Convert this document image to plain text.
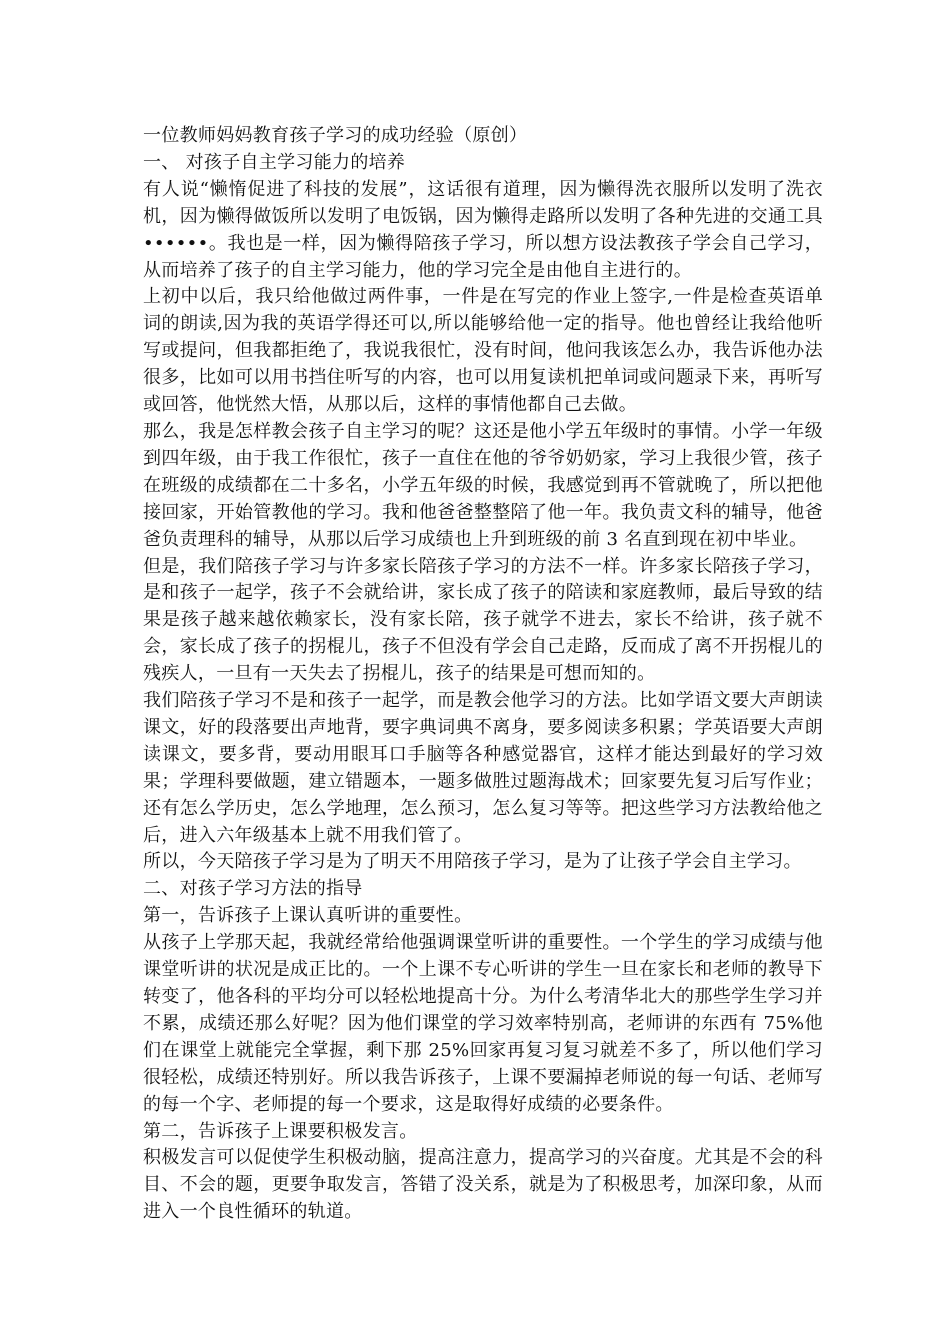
一位教师妈妈教育孩子学习的成功经验（原创）

一、 对孩子自主学习能力的培养

有人说“懒惰促进了科技的发展”，这话很有道理，因为懒得洗衣服所以发明了洗衣机，因为懒得做饭所以发明了电饭锅，因为懒得走路所以发明了各种先进的交通工具••••••。我也是一样，因为懒得陪孩子学习，所以想方设法教孩子学会自己学习，从而培养了孩子的自主学习能力，他的学习完全是由他自主进行的。

上初中以后，我只给他做过两件事，一件是在写完的作业上签字,一件是检查英语单词的朗读,因为我的英语学得还可以,所以能够给他一定的指导。他也曾经让我给他听写或提问，但我都拒绝了，我说我很忙，没有时间，他问我该怎么办，我告诉他办法很多，比如可以用书挡住听写的内容，也可以用复读机把单词或问题录下来，再听写或回答，他恍然大悟，从那以后，这样的事情他都自己去做。

那么，我是怎样教会孩子自主学习的呢？这还是他小学五年级时的事情。小学一年级到四年级，由于我工作很忙，孩子一直住在他的爷爷奶奶家，学习上我很少管，孩子在班级的成绩都在二十多名，小学五年级的时候，我感觉到再不管就晚了，所以把他接回家，开始管教他的学习。我和他爸爸整整陪了他一年。我负责文科的辅导，他爸爸负责理科的辅导，从那以后学习成绩也上升到班级的前 3 名直到现在初中毕业。

但是，我们陪孩子学习与许多家长陪孩子学习的方法不一样。许多家长陪孩子学习，是和孩子一起学，孩子不会就给讲，家长成了孩子的陪读和家庭教师，最后导致的结果是孩子越来越依赖家长，没有家长陪，孩子就学不进去，家长不给讲，孩子就不会，家长成了孩子的拐棍儿，孩子不但没有学会自己走路，反而成了离不开拐棍儿的残疾人，一旦有一天失去了拐棍儿，孩子的结果是可想而知的。

我们陪孩子学习不是和孩子一起学，而是教会他学习的方法。比如学语文要大声朗读课文，好的段落要出声地背，要字典词典不离身，要多阅读多积累；学英语要大声朗读课文，要多背，要动用眼耳口手脑等各种感觉器官，这样才能达到最好的学习效果；学理科要做题，建立错题本，一题多做胜过题海战术；回家要先复习后写作业；还有怎么学历史，怎么学地理，怎么预习，怎么复习等等。把这些学习方法教给他之后，进入六年级基本上就不用我们管了。

所以，今天陪孩子学习是为了明天不用陪孩子学习，是为了让孩子学会自主学习。

二、对孩子学习方法的指导

第一，告诉孩子上课认真听讲的重要性。

从孩子上学那天起，我就经常给他强调课堂听讲的重要性。一个学生的学习成绩与他课堂听讲的状况是成正比的。一个上课不专心听讲的学生一旦在家长和老师的教导下转变了，他各科的平均分可以轻松地提高十分。为什么考清华北大的那些学生学习并不累，成绩还那么好呢？因为他们课堂的学习效率特别高，老师讲的东西有 75%他们在课堂上就能完全掌握，剩下那 25%回家再复习复习就差不多了，所以他们学习很轻松，成绩还特别好。所以我告诉孩子，上课不要漏掉老师说的每一句话、老师写的每一个字、老师提的每一个要求，这是取得好成绩的必要条件。

第二，告诉孩子上课要积极发言。

积极发言可以促使学生积极动脑，提高注意力，提高学习的兴奋度。尤其是不会的科目、不会的题，更要争取发言，答错了没关系，就是为了积极思考，加深印象，从而进入一个良性循环的轨道。
